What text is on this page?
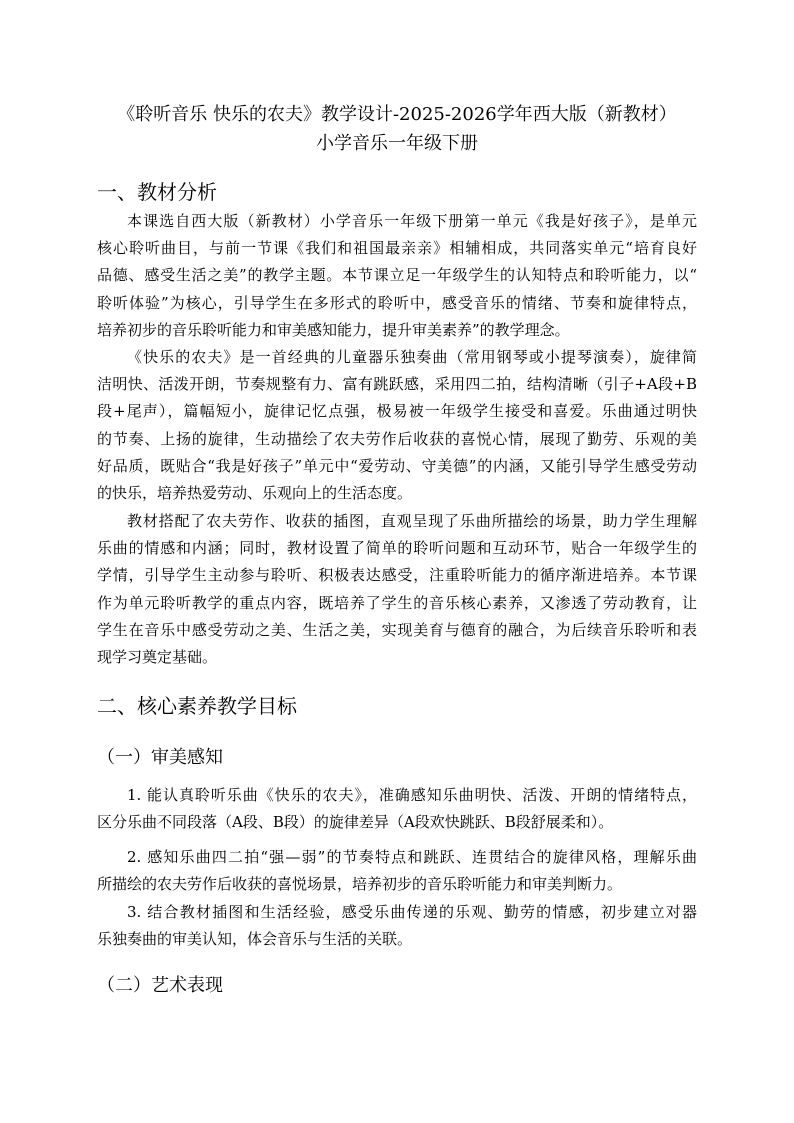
《聆听音乐 快乐的农夫》教学设计-2025-2026学年西大版（新教材）
小学音乐一年级下册
一、教材分析
本课选自西大版（新教材）小学音乐一年级下册第一单元《我是好孩子》，是单元
核心聆听曲目，与前一节课《我们和祖国最亲亲》相辅相成，共同落实单元“培育良好
品德、感受生活之美”的教学主题。本节课立足一年级学生的认知特点和聆听能力，以“
聆听体验”为核心，引导学生在多形式的聆听中，感受音乐的情绪、节奏和旋律特点，
培养初步的音乐聆听能力和审美感知能力，提升审美素养”的教学理念。
《快乐的农夫》是一首经典的儿童器乐独奏曲（常用钢琴或小提琴演奏），旋律简
洁明快、活泼开朗，节奏规整有力、富有跳跃感，采用四二拍，结构清晰（引子+A段+B
段+尾声），篇幅短小，旋律记忆点强，极易被一年级学生接受和喜爱。乐曲通过明快
的节奏、上扬的旋律，生动描绘了农夫劳作后收获的喜悦心情，展现了勤劳、乐观的美
好品质，既贴合“我是好孩子”单元中“爱劳动、守美德”的内涵，又能引导学生感受劳动
的快乐，培养热爱劳动、乐观向上的生活态度。
教材搭配了农夫劳作、收获的插图，直观呈现了乐曲所描绘的场景，助力学生理解
乐曲的情感和内涵；同时，教材设置了简单的聆听问题和互动环节，贴合一年级学生的
学情，引导学生主动参与聆听、积极表达感受，注重聆听能力的循序渐进培养。本节课
作为单元聆听教学的重点内容，既培养了学生的音乐核心素养，又渗透了劳动教育，让
学生在音乐中感受劳动之美、生活之美，实现美育与德育的融合，为后续音乐聆听和表
现学习奠定基础。
二、核心素养教学目标
（一）审美感知
1. 能认真聆听乐曲《快乐的农夫》，准确感知乐曲明快、活泼、开朗的情绪特点，
区分乐曲不同段落（A段、B段）的旋律差异（A段欢快跳跃、B段舒展柔和）。
2. 感知乐曲四二拍“强—弱”的节奏特点和跳跃、连贯结合的旋律风格，理解乐曲
所描绘的农夫劳作后收获的喜悦场景，培养初步的音乐聆听能力和审美判断力。
3. 结合教材插图和生活经验，感受乐曲传递的乐观、勤劳的情感，初步建立对器
乐独奏曲的审美认知，体会音乐与生活的关联。
（二）艺术表现
